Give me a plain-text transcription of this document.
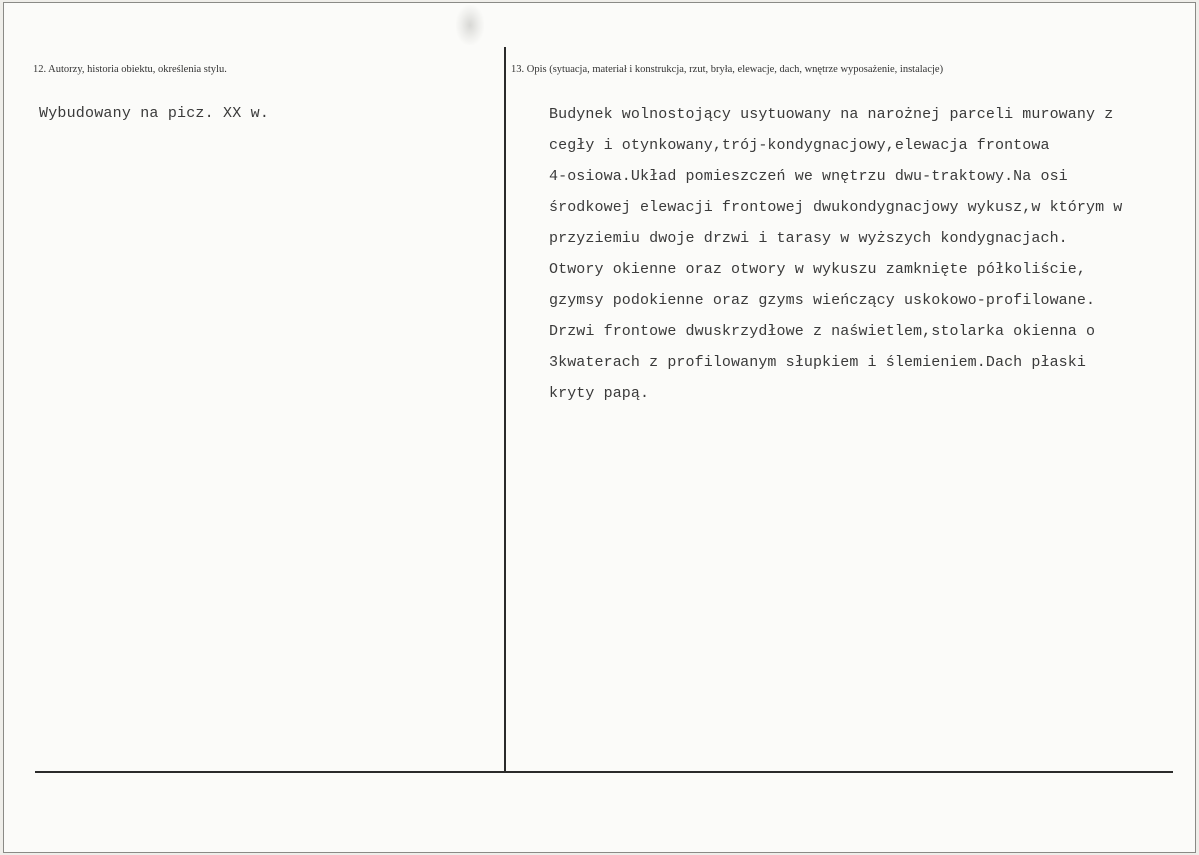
12. Autorzy, historia obiektu, określenia stylu.
Wybudowany na picz. XX w.
13. Opis (sytuacja, materiał i konstrukcja, rzut, bryła, elewacje, dach, wnętrze wyposażenie, instalacje)
Budynek wolnostojący usytuowany na narożnej parceli murowany z
cegły i otynkowany,trój-kondygnacjowy,elewacja frontowa
4-osiowa.Układ pomieszczeń we wnętrzu dwu-traktowy.Na osi
środkowej elewacji frontowej dwukondygnacjowy wykusz,w którym w
przyziemiu dwoje drzwi i tarasy w wyższych kondygnacjach.
Otwory okienne oraz otwory w wykuszu zamknięte półkoliście,
gzymsy podokienne oraz gzyms wieńczący uskokowo-profilowane.
Drzwi frontowe dwuskrzydłowe z naświetlem,stolarka okienna o
3kwaterach z profilowanym słupkiem i ślemieniem.Dach płaski
kryty papą.
